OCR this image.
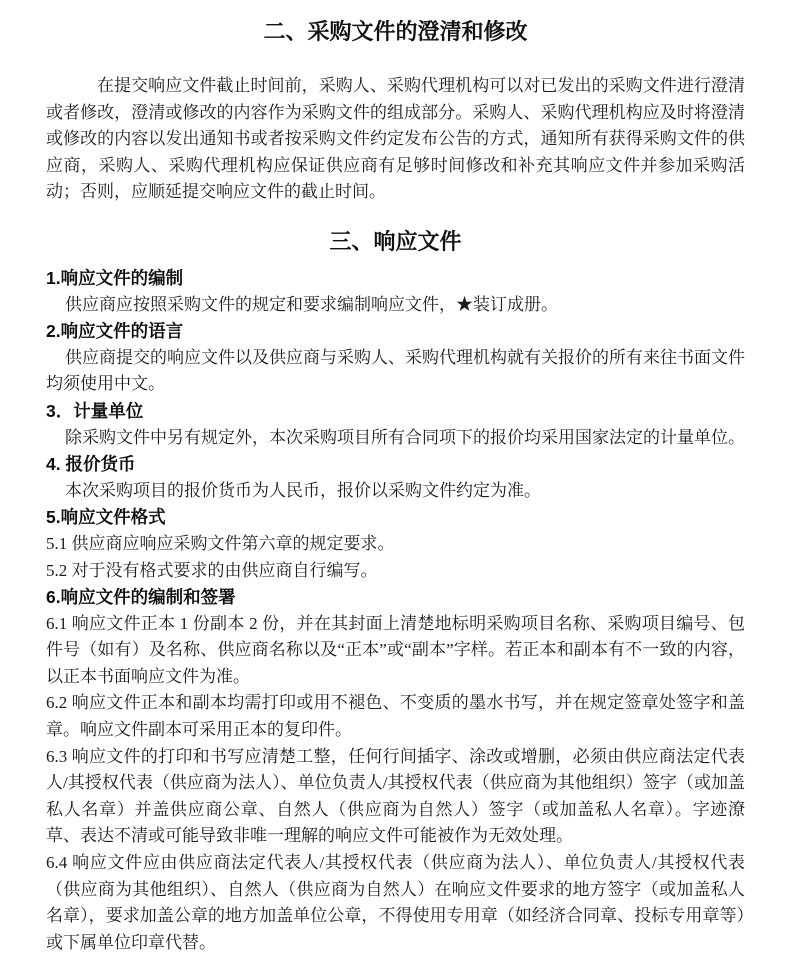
二、采购文件的澄清和修改

在提交响应文件截止时间前，采购人、采购代理机构可以对已发出的采购文件进行澄清或者修改，澄清或修改的内容作为采购文件的组成部分。采购人、采购代理机构应及时将澄清或修改的内容以发出通知书或者按采购文件约定发布公告的方式，通知所有获得采购文件的供应商，采购人、采购代理机构应保证供应商有足够时间修改和补充其响应文件并参加采购活动；否则，应顺延提交响应文件的截止时间。

三、响应文件
1.响应文件的编制

供应商应按照采购文件的规定和要求编制响应文件，★装订成册。

2.响应文件的语言

供应商提交的响应文件以及供应商与采购人、采购代理机构就有关报价的所有来往书面文件均须使用中文。

3．计量单位

除采购文件中另有规定外，本次采购项目所有合同项下的报价均采用国家法定的计量单位。

4. 报价货币

本次采购项目的报价货币为人民币，报价以采购文件约定为准。

5.响应文件格式

5.1 供应商应响应采购文件第六章的规定要求。

5.2 对于没有格式要求的由供应商自行编写。

6.响应文件的编制和签署

6.1 响应文件正本 1 份副本 2 份，并在其封面上清楚地标明采购项目名称、采购项目编号、包件号（如有）及名称、供应商名称以及“正本”或“副本”字样。若正本和副本有不一致的内容，以正本书面响应文件为准。

6.2 响应文件正本和副本均需打印或用不褪色、不变质的墨水书写，并在规定签章处签字和盖章。响应文件副本可采用正本的复印件。

6.3 响应文件的打印和书写应清楚工整，任何行间插字、涂改或增删，必须由供应商法定代表人/其授权代表（供应商为法人）、单位负责人/其授权代表（供应商为其他组织）签字（或加盖私人名章）并盖供应商公章、自然人（供应商为自然人）签字（或加盖私人名章）。字迹潦草、表达不清或可能导致非唯一理解的响应文件可能被作为无效处理。

6.4 响应文件应由供应商法定代表人/其授权代表（供应商为法人）、单位负责人/其授权代表（供应商为其他组织）、自然人（供应商为自然人）在响应文件要求的地方签字（或加盖私人名章），要求加盖公章的地方加盖单位公章，不得使用专用章（如经济合同章、投标专用章等）或下属单位印章代替。
